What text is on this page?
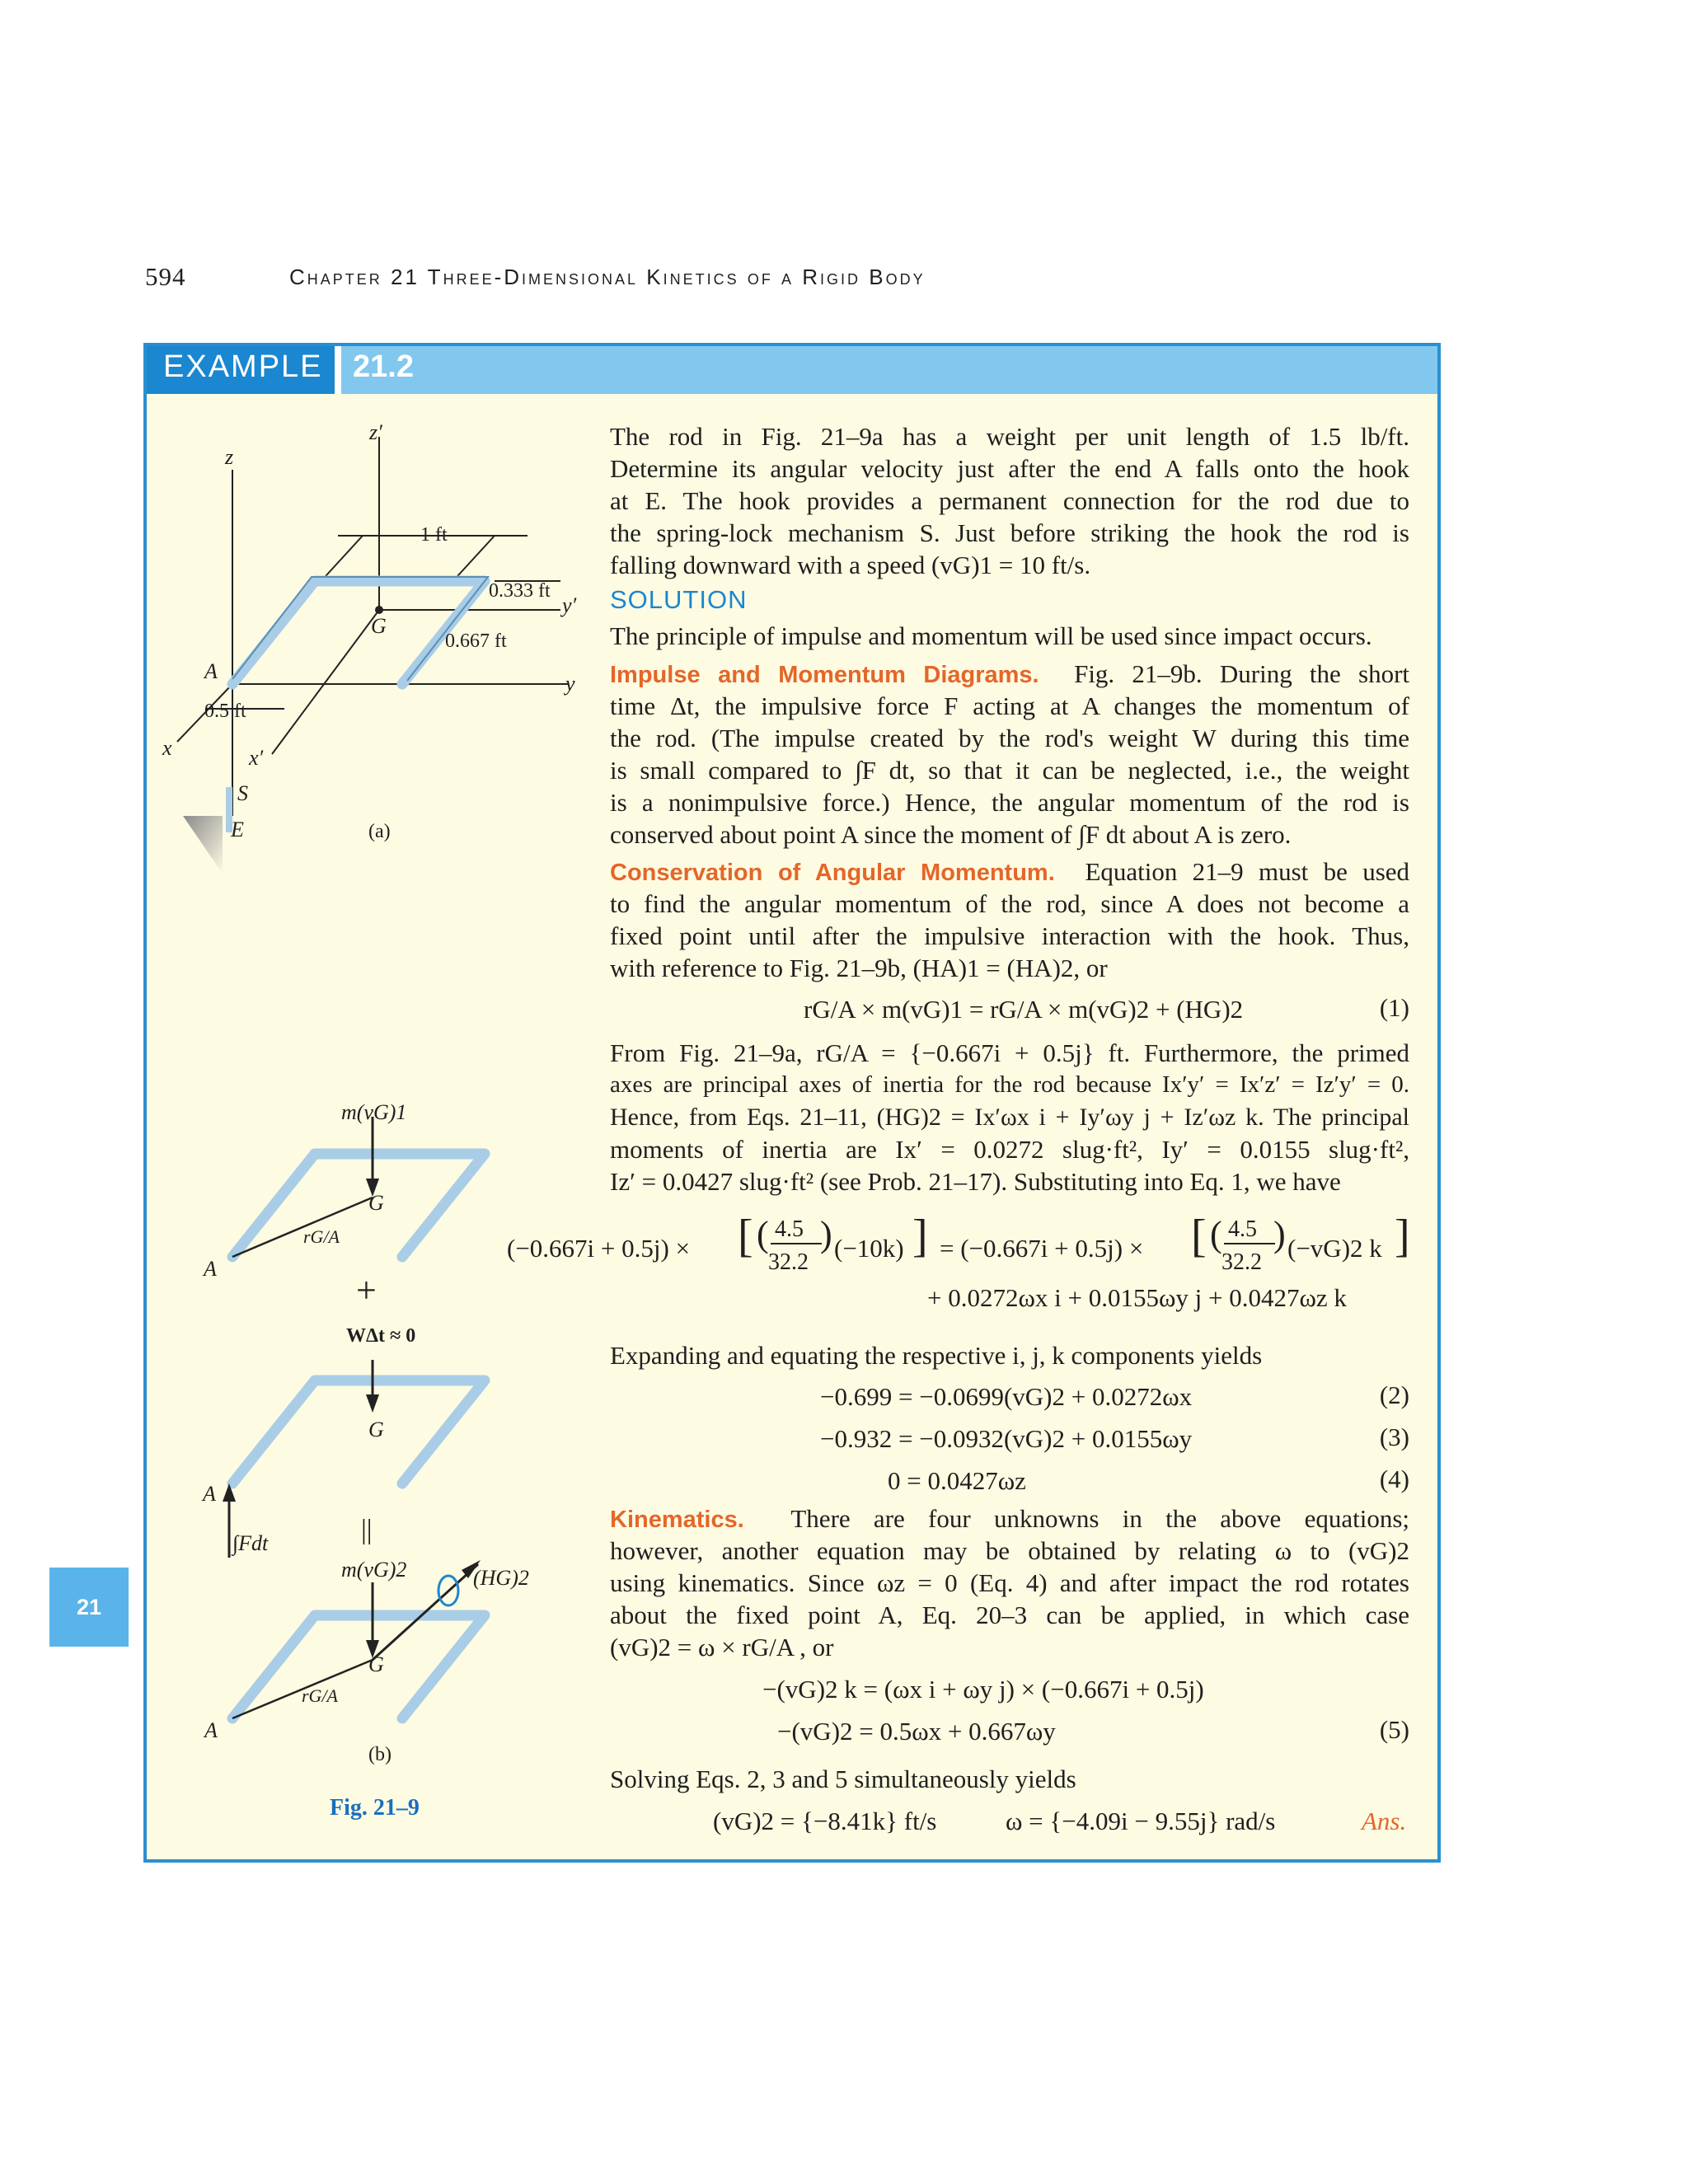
594	Chapter 21 Three-Dimensional Kinetics of a Rigid Body
EXAMPLE 21.2
21
z′
z
1 ft
0.333 ft
y′
G
0.667 ft
A
y
0.5 ft
x	x′
S
E	(a)
m(vG)1
G
rG/A
A
+
WΔt ≈ 0
G
A
∫Fdt	||
m(vG)2	(HG)2
G
rG/A
A
(b)
Fig. 21–9
The rod in Fig. 21–9a has a weight per unit length of 1.5 lb/ft.
Determine its angular velocity just after the end A falls onto the hook
at E. The hook provides a permanent connection for the rod due to
the spring-lock mechanism S. Just before striking the hook the rod is
falling downward with a speed (vG)1 = 10 ft/s.
SOLUTION
The principle of impulse and momentum will be used since impact occurs.
Impulse and Momentum Diagrams. Fig. 21–9b. During the short
time Δt, the impulsive force F acting at A changes the momentum of
the rod. (The impulse created by the rod's weight W during this time
is small compared to ∫F dt, so that it can be neglected, i.e., the weight
is a nonimpulsive force.) Hence, the angular momentum of the rod is
conserved about point A since the moment of ∫F dt about A is zero.
Conservation of Angular Momentum. Equation 21–9 must be used
to find the angular momentum of the rod, since A does not become a
fixed point until after the impulsive interaction with the hook. Thus,
with reference to Fig. 21–9b, (HA)1 = (HA)2, or
rG/A × m(vG)1 = rG/A × m(vG)2 + (HG)2	(1)
From Fig. 21–9a, rG/A = {−0.667i + 0.5j} ft. Furthermore, the primed
axes are principal axes of inertia for the rod because Ix′y′ = Ix′z′ = Iz′y′ = 0.
Hence, from Eqs. 21–11, (HG)2 = Ix′ωx i + Iy′ωy j + Iz′ωz k. The principal
moments of inertia are Ix′ = 0.0272 slug·ft², Iy′ = 0.0155 slug·ft²,
Iz′ = 0.0427 slug·ft² (see Prob. 21–17). Substituting into Eq. 1, we have
(−0.667i + 0.5j) × [ ( 4.5
32.2
) (−10k) ] = (−0.667i + 0.5j) × [ ( 4.5
32.2
) (−vG)2 k ]
+ 0.0272ωx i + 0.0155ωy j + 0.0427ωz k
Expanding and equating the respective i, j, k components yields
−0.699 = −0.0699(vG)2 + 0.0272ωx	(2)
−0.932 = −0.0932(vG)2 + 0.0155ωy	(3)
0 = 0.0427ωz	(4)
Kinematics. There are four unknowns in the above equations;
however, another equation may be obtained by relating ω to (vG)2
using kinematics. Since ωz = 0 (Eq. 4) and after impact the rod rotates
about the fixed point A, Eq. 20–3 can be applied, in which case
(vG)2 = ω × rG/A , or
−(vG)2 k = (ωx i + ωy j) × (−0.667i + 0.5j)
−(vG)2 = 0.5ωx + 0.667ωy	(5)
Solving Eqs. 2, 3 and 5 simultaneously yields
(vG)2 = {−8.41k} ft/s	ω = {−4.09i − 9.55j} rad/s	Ans.
